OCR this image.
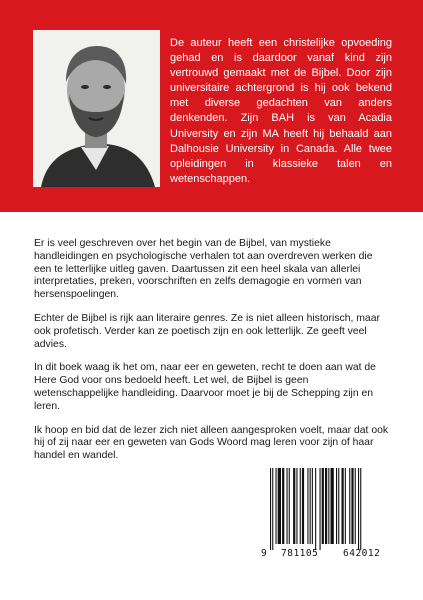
De auteur heeft een christelijke opvoeding gehad en is daardoor vanaf kind zijn vertrouwd gemaakt met de Bijbel. Door zijn universitaire achtergrond is hij ook bekend met diverse gedachten van anders denkenden. Zijn BAH is van Acadia University en zijn MA heeft hij behaald aan Dalhousie University in Canada. Alle twee opleidingen in klassieke talen en wetenschappen.

Er is veel geschreven over het begin van de Bijbel, van mystieke handleidingen en psychologische verhalen tot aan overdreven werken die een te letterlijke uitleg gaven. Daartussen zit een heel skala van allerlei interpretaties, preken, voorschriften en zelfs demagogie en vormen van hersenspoelingen.

Echter de Bijbel is rijk aan literaire genres. Ze is niet alleen historisch, maar ook profetisch. Verder kan ze poetisch zijn en ook letterlijk. Ze geeft veel advies.

In dit boek waag ik het om, naar eer en geweten, recht te doen aan wat de Here God voor ons bedoeld heeft. Let wel, de Bijbel is geen wetenschappelijke handleiding. Daarvoor moet je bij de Schepping zijn en leren.

Ik hoop en bid dat de lezer zich niet alleen aangesproken voelt, maar dat ook hij of zij naar eer en geweten van Gods Woord mag leren voor zijn of haar handel en wandel.

9 781105	642012
